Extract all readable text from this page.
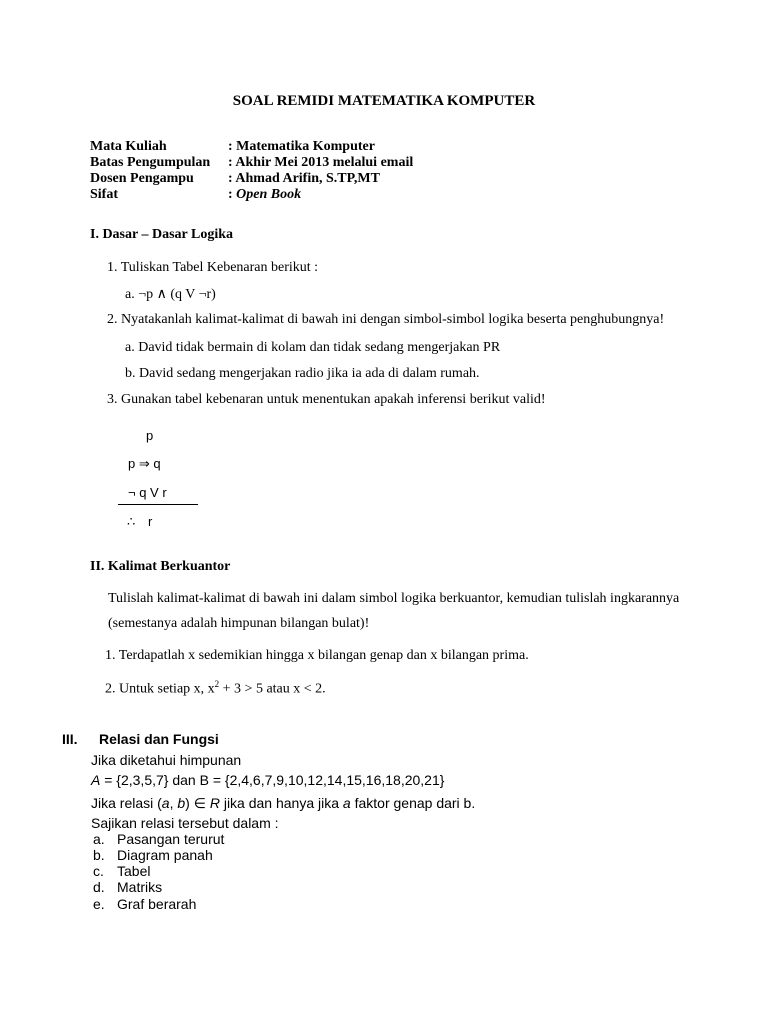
SOAL REMIDI MATEMATIKA KOMPUTER
Mata Kuliah	: Matematika Komputer
Batas Pengumpulan : Akhir Mei 2013 melalui email
Dosen Pengampu : Ahmad Arifin, S.TP,MT
Sifat	: Open Book
I. Dasar – Dasar Logika
1. Tuliskan Tabel Kebenaran berikut :
a. ¬p ∧ (q V ¬r)
2. Nyatakanlah kalimat-kalimat di bawah ini dengan simbol-simbol logika beserta penghubungnya!
a. David tidak bermain di kolam dan tidak sedang mengerjakan PR
b. David sedang mengerjakan radio jika ia ada di dalam rumah.
3. Gunakan tabel kebenaran untuk menentukan apakah inferensi berikut valid!
p
p ⇒ q
¬ q V r
∴ r
II. Kalimat Berkuantor
Tulislah kalimat-kalimat di bawah ini dalam simbol logika berkuantor, kemudian tulislah ingkarannya
(semestanya adalah himpunan bilangan bulat)!
1. Terdapatlah x sedemikian hingga x bilangan genap dan x bilangan prima.
2. Untuk setiap x, $x^2 + 3 > 5$ atau x < 2.
III. Relasi dan Fungsi
Jika diketahui himpunan
A = {2,3,5,7} dan B = {2,4,6,7,9,10,12,14,15,16,18,20,21}
Jika relasi (a, b) ∈ R jika dan hanya jika a faktor genap dari b.
Sajikan relasi tersebut dalam :
a. Pasangan terurut
b. Diagram panah
c. Tabel
d. Matriks
e. Graf berarah
